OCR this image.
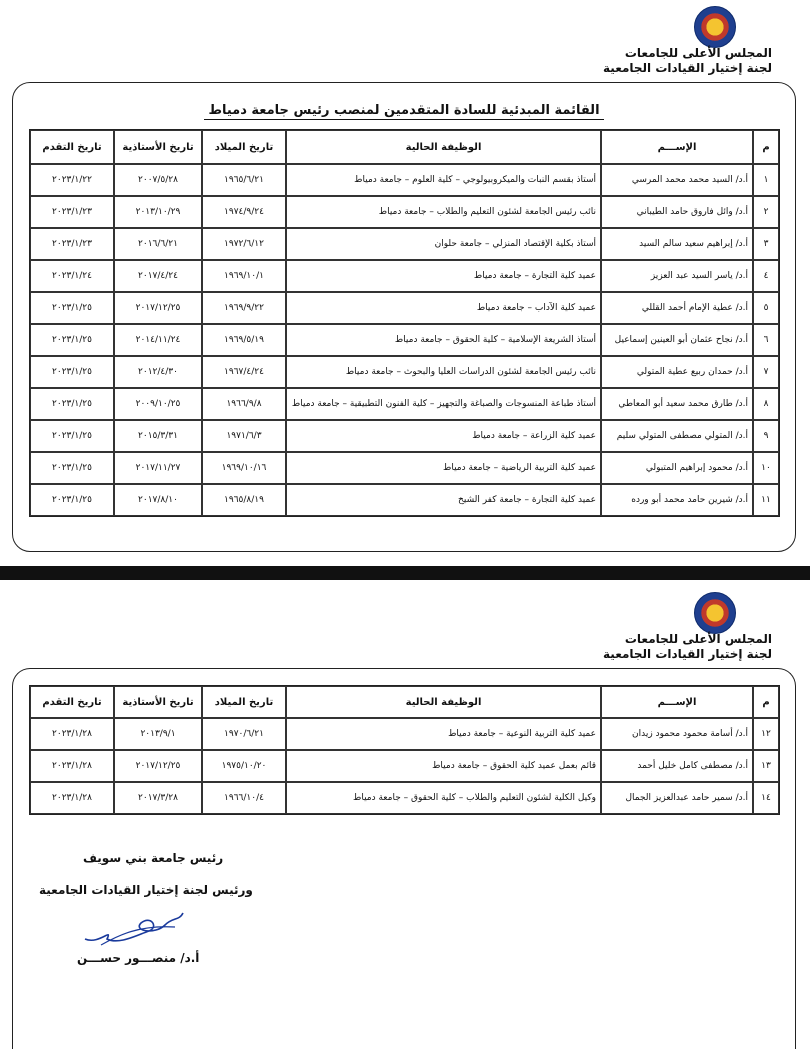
المجلس الأعلى للجامعات
لجنة إختيار القيادات الجامعية
القائمة المبدئية للسادة المتقدمين لمنصب رئيس جامعة دمياط
م	الإســـم	الوظيفة الحالية	تاريخ الميلاد	تاريخ الأستاذية	تاريخ التقدم
١	أ.د/ السيد محمد محمد المرسي	أستاذ بقسم النبات والميكروبيولوجي – كلية العلوم – جامعة دمياط	١٩٦٥/٦/٢١	٢٠٠٧/٥/٢٨	٢٠٢٣/١/٢٢
٢	أ.د/ وائل فاروق حامد الطيباني	نائب رئيس الجامعة لشئون التعليم والطلاب – جامعة دمياط	١٩٧٤/٩/٢٤	٢٠١٣/١٠/٢٩	٢٠٢٣/١/٢٣
٣	أ.د/ إبراهيم سعيد سالم السيد	أستاذ بكلية الإقتصاد المنزلي – جامعة حلوان	١٩٧٢/٦/١٢	٢٠١٦/٦/٢١	٢٠٢٣/١/٢٣
٤	أ.د/ ياسر السيد عبد العزيز	عميد كلية التجارة – جامعة دمياط	١٩٦٩/١٠/١	٢٠١٧/٤/٢٤	٢٠٢٣/١/٢٤
٥	أ.د/ عطية الإمام أحمد القللي	عميد كلية الآداب – جامعة دمياط	١٩٦٩/٩/٢٢	٢٠١٧/١٢/٢٥	٢٠٢٣/١/٢٥
٦	أ.د/ نجاح عثمان أبو العينين إسماعيل	أستاذ الشريعة الإسلامية – كلية الحقوق – جامعة دمياط	١٩٦٩/٥/١٩	٢٠١٤/١١/٢٤	٢٠٢٣/١/٢٥
٧	أ.د/ حمدان ربيع عطية المتولي	نائب رئيس الجامعة لشئون الدراسات العليا والبحوث – جامعة دمياط	١٩٦٧/٤/٢٤	٢٠١٢/٤/٣٠	٢٠٢٣/١/٢٥
٨	أ.د/ طارق محمد سعيد أبو المعاطي	أستاذ طباعة المنسوجات والصباغة والتجهيز – كلية الفنون التطبيقية – جامعة دمياط	١٩٦٦/٩/٨	٢٠٠٩/١٠/٢٥	٢٠٢٣/١/٢٥
٩	أ.د/ المتولي مصطفى المتولي سليم	عميد كلية الزراعة – جامعة دمياط	١٩٧١/٦/٣	٢٠١٥/٣/٣١	٢٠٢٣/١/٢٥
١٠	أ.د/ محمود إبراهيم المتبولي	عميد كلية التربية الرياضية – جامعة دمياط	١٩٦٩/١٠/١٦	٢٠١٧/١١/٢٧	٢٠٢٣/١/٢٥
١١	أ.د/ شيرين حامد محمد أبو ورده	عميد كلية التجارة – جامعة كفر الشيخ	١٩٦٥/٨/١٩	٢٠١٧/٨/١٠	٢٠٢٣/١/٢٥
المجلس الأعلى للجامعات
لجنة إختيار القيادات الجامعية
م	الإســـم	الوظيفة الحالية	تاريخ الميلاد	تاريخ الأستاذية	تاريخ التقدم
١٢	أ.د/ أسامة محمود محمود زيدان	عميد كلية التربية النوعية – جامعة دمياط	١٩٧٠/٦/٢١	٢٠١٣/٩/١	٢٠٢٣/١/٢٨
١٣	أ.د/ مصطفى كامل خليل أحمد	قائم بعمل عميد كلية الحقوق – جامعة دمياط	١٩٧٥/١٠/٢٠	٢٠١٧/١٢/٢٥	٢٠٢٣/١/٢٨
١٤	أ.د/ سمير حامد عبدالعزيز الجمال	وكيل الكلية لشئون التعليم والطلاب – كلية الحقوق – جامعة دمياط	١٩٦٦/١٠/٤	٢٠١٧/٣/٢٨	٢٠٢٣/١/٢٨
رئيس جامعة بني سويف
ورئيس لجنة إختيار القيادات الجامعية
أ.د/ منصـــور حســـن
